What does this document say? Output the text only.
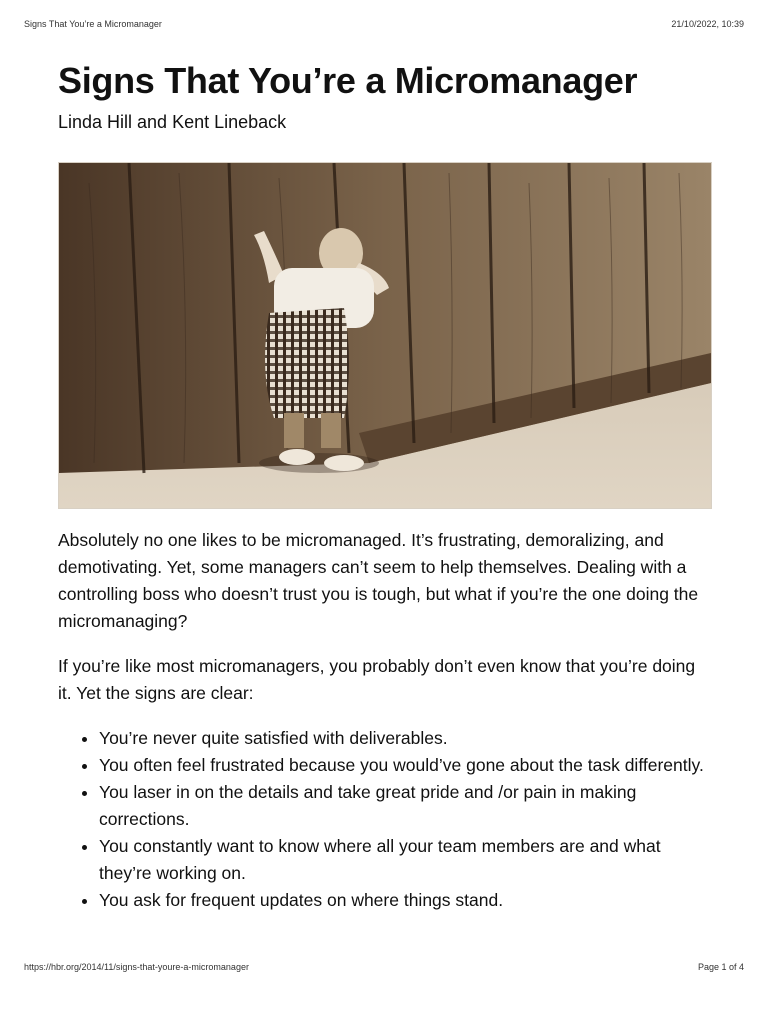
Signs That You’re a Micromanager	21/10/2022, 10:39
Signs That You’re a Micromanager
Linda Hill and Kent Lineback

Absolutely no one likes to be micromanaged. It’s frustrating, demoralizing, and demotivating. Yet, some managers can’t seem to help themselves. Dealing with a controlling boss who doesn’t trust you is tough, but what if you’re the one doing the micromanaging?

If you’re like most micromanagers, you probably don’t even know that you’re doing it. Yet the signs are clear:

• You’re never quite satisfied with deliverables.
• You often feel frustrated because you would’ve gone about the task differently.
• You laser in on the details and take great pride and /or pain in making corrections.
• You constantly want to know where all your team members are and what they’re working on.
• You ask for frequent updates on where things stand.
https://hbr.org/2014/11/signs-that-youre-a-micromanager	Page 1 of 4
